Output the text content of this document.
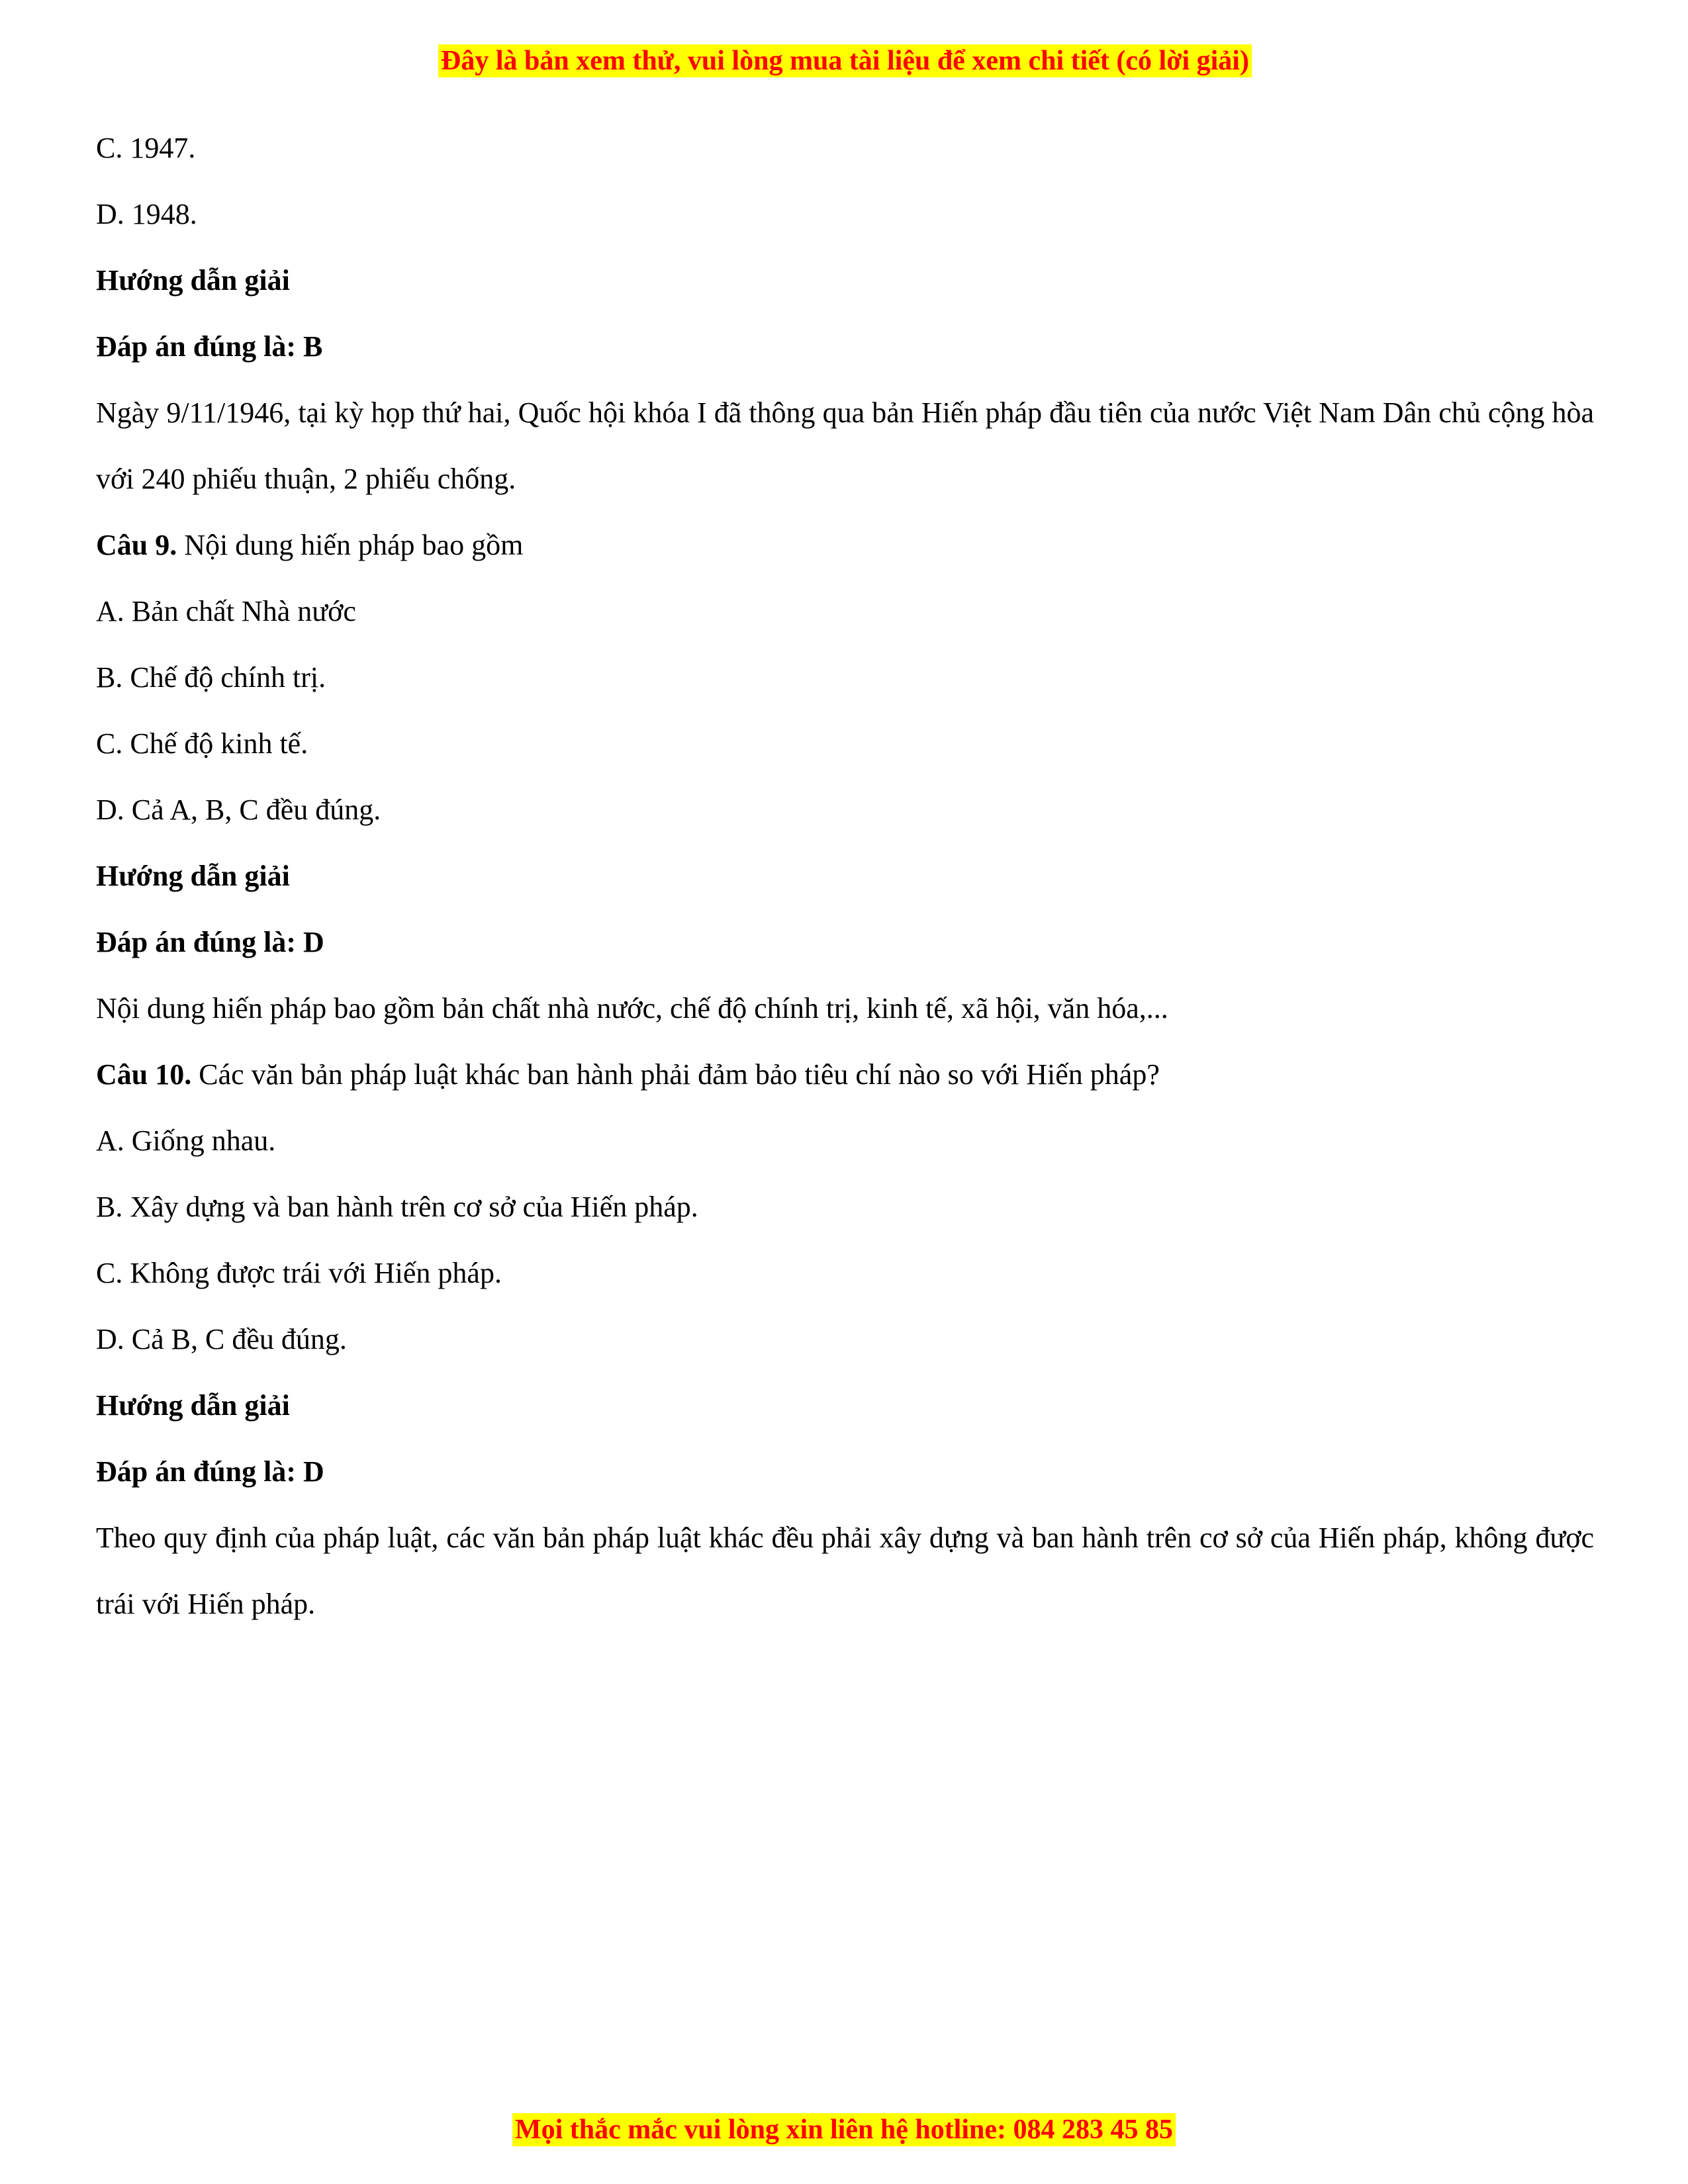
Đây là bản xem thử, vui lòng mua tài liệu để xem chi tiết (có lời giải)

C. 1947.

D. 1948.

Hướng dẫn giải

Đáp án đúng là: B

Ngày 9/11/1946, tại kỳ họp thứ hai, Quốc hội khóa I đã thông qua bản Hiến pháp đầu tiên của nước Việt Nam Dân chủ cộng hòa với 240 phiếu thuận, 2 phiếu chống.

Câu 9. Nội dung hiến pháp bao gồm

A. Bản chất Nhà nước

B. Chế độ chính trị.

C. Chế độ kinh tế.

D. Cả A, B, C đều đúng.

Hướng dẫn giải

Đáp án đúng là: D

Nội dung hiến pháp bao gồm bản chất nhà nước, chế độ chính trị, kinh tế, xã hội, văn hóa,...

Câu 10. Các văn bản pháp luật khác ban hành phải đảm bảo tiêu chí nào so với Hiến pháp?

A. Giống nhau.

B. Xây dựng và ban hành trên cơ sở của Hiến pháp.

C. Không được trái với Hiến pháp.

D. Cả B, C đều đúng.

Hướng dẫn giải

Đáp án đúng là: D

Theo quy định của pháp luật, các văn bản pháp luật khác đều phải xây dựng và ban hành trên cơ sở của Hiến pháp, không được trái với Hiến pháp.

Mọi thắc mắc vui lòng xin liên hệ hotline: 084 283 45 85
